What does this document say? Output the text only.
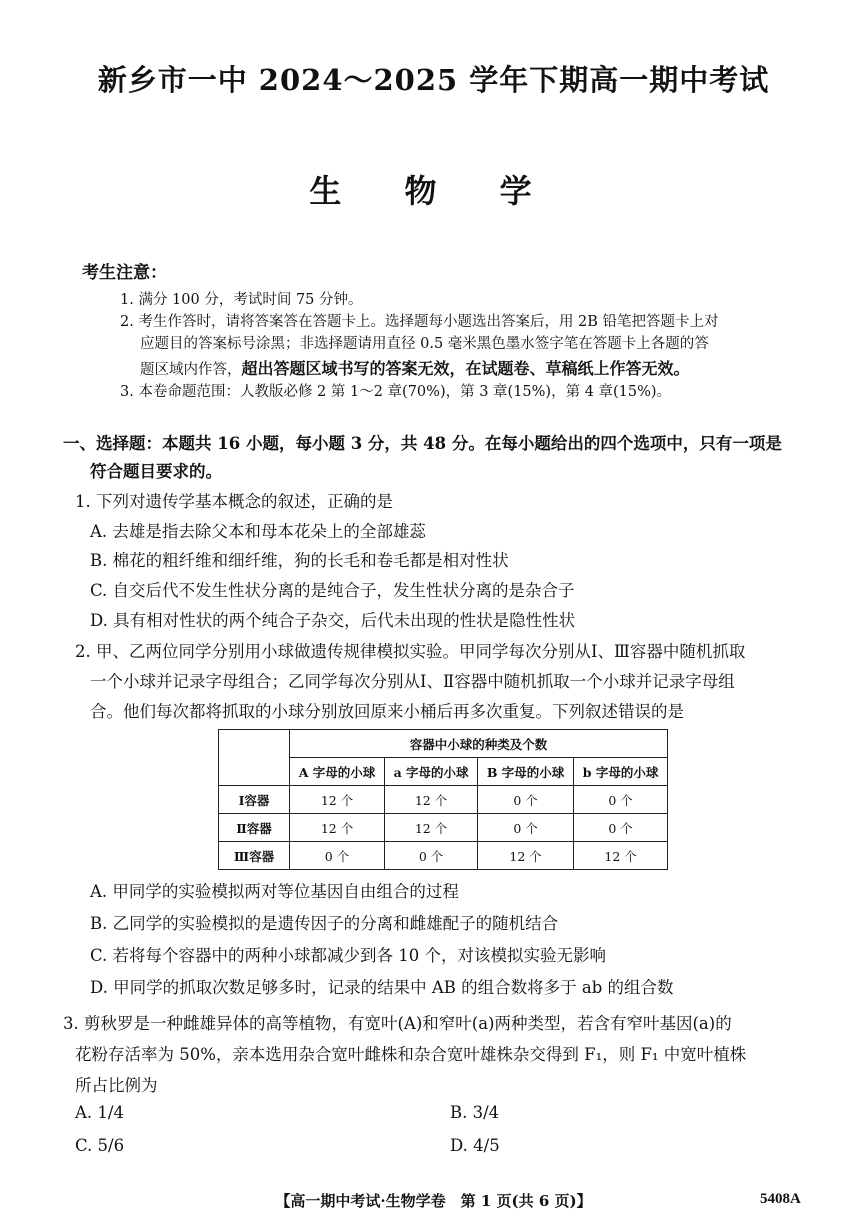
新乡市一中 2024～2025 学年下期高一期中考试
生 物 学
考生注意：
1. 满分 100 分，考试时间 75 分钟。
2. 考生作答时，请将答案答在答题卡上。选择题每小题选出答案后，用 2B 铅笔把答题卡上对
应题目的答案标号涂黑；非选择题请用直径 0.5 毫米黑色墨水签字笔在答题卡上各题的答
题区域内作答，超出答题区域书写的答案无效，在试题卷、草稿纸上作答无效。
3. 本卷命题范围：人教版必修 2 第 1～2 章(70%)，第 3 章(15%)，第 4 章(15%)。
一、选择题：本题共 16 小题，每小题 3 分，共 48 分。在每小题给出的四个选项中，只有一项是
符合题目要求的。
1. 下列对遗传学基本概念的叙述，正确的是
A. 去雄是指去除父本和母本花朵上的全部雄蕊
B. 棉花的粗纤维和细纤维，狗的长毛和卷毛都是相对性状
C. 自交后代不发生性状分离的是纯合子，发生性状分离的是杂合子
D. 具有相对性状的两个纯合子杂交，后代未出现的性状是隐性性状
2. 甲、乙两位同学分别用小球做遗传规律模拟实验。甲同学每次分别从Ⅰ、Ⅲ容器中随机抓取
一个小球并记录字母组合；乙同学每次分别从Ⅰ、Ⅱ容器中随机抓取一个小球并记录字母组
合。他们每次都将抓取的小球分别放回原来小桶后再多次重复。下列叙述错误的是
	容器中小球的种类及个数			
	A 字母的小球	a 字母的小球	B 字母的小球	b 字母的小球
Ⅰ容器	12 个	12 个	0 个	0 个
Ⅱ容器	12 个	12 个	0 个	0 个
Ⅲ容器	0 个	0 个	12 个	12 个
A. 甲同学的实验模拟两对等位基因自由组合的过程
B. 乙同学的实验模拟的是遗传因子的分离和雌雄配子的随机结合
C. 若将每个容器中的两种小球都减少到各 10 个，对该模拟实验无影响
D. 甲同学的抓取次数足够多时，记录的结果中 AB 的组合数将多于 ab 的组合数
3. 剪秋罗是一种雌雄异体的高等植物，有宽叶(A)和窄叶(a)两种类型，若含有窄叶基因(a)的
花粉存活率为 50%，亲本选用杂合宽叶雌株和杂合宽叶雄株杂交得到 F₁，则 F₁ 中宽叶植株
所占比例为
A. 1/4	B. 3/4
C. 5/6	D. 4/5
【高一期中考试·生物学卷　第 1 页(共 6 页)】	5408A
